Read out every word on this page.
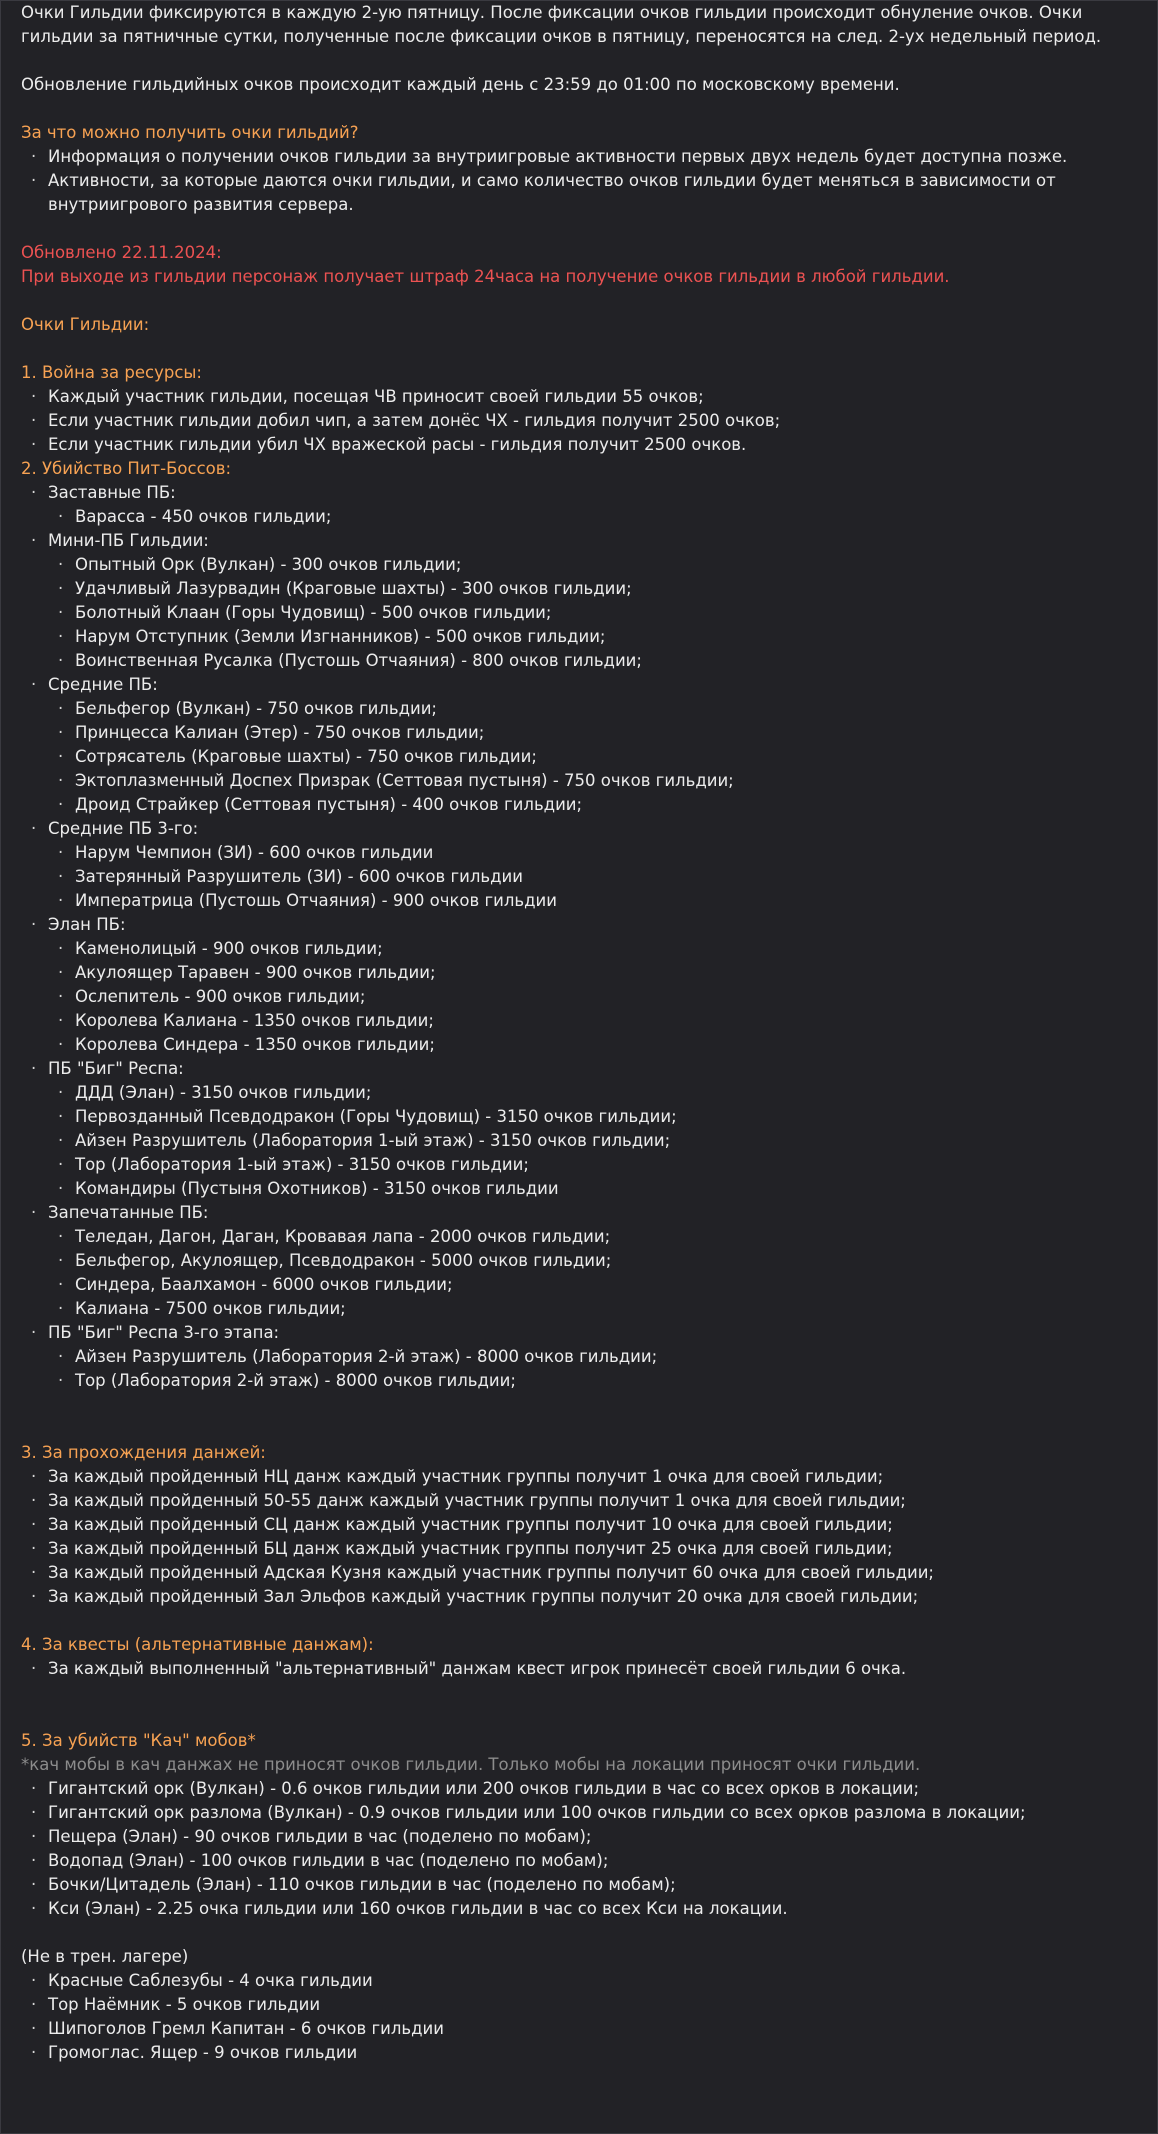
Очки Гильдии фиксируются в каждую 2-ую пятницу. После фиксации очков гильдии происходит обнуление очков. Очки гильдии за пятничные сутки, полученные после фиксации очков в пятницу, переносятся на след. 2-ух недельный период.

Обновление гильдийных очков происходит каждый день с 23:59 до 01:00 по московскому времени.

За что можно получить очки гильдий?

· Информация о получении очков гильдии за внутриигровые активности первых двух недель будет доступна позже.
· Активности, за которые даются очки гильдии, и само количество очков гильдии будет меняться в зависимости от внутриигрового развития сервера.

Обновлено 22.11.2024:

При выходе из гильдии персонаж получает штраф 24часа на получение очков гильдии в любой гильдии.

Очки Гильдии:

1. Война за ресурсы:

· Каждый участник гильдии, посещая ЧВ приносит своей гильдии 55 очков;
· Если участник гильдии добил чип, а затем донёс ЧХ - гильдия получит 2500 очков;
· Если участник гильдии убил ЧХ вражеской расы - гильдия получит 2500 очков.

2. Убийство Пит-Боссов:

· Заставные ПБ:
· Варасса - 450 очков гильдии;
· Мини-ПБ Гильдии:
· Опытный Орк (Вулкан) - 300 очков гильдии;
· Удачливый Лазурвадин (Краговые шахты) - 300 очков гильдии;
· Болотный Клаан (Горы Чудовищ) - 500 очков гильдии;
· Нарум Отступник (Земли Изгнанников) - 500 очков гильдии;
· Воинственная Русалка (Пустошь Отчаяния) - 800 очков гильдии;
· Средние ПБ:
· Бельфегор (Вулкан) - 750 очков гильдии;
· Принцесса Калиан (Этер) - 750 очков гильдии;
· Сотрясатель (Краговые шахты) - 750 очков гильдии;
· Эктоплазменный Доспех Призрак (Сеттовая пустыня) - 750 очков гильдии;
· Дроид Страйкер (Сеттовая пустыня) - 400 очков гильдии;
· Средние ПБ 3-го:
· Нарум Чемпион (ЗИ) - 600 очков гильдии
· Затерянный Разрушитель (ЗИ) - 600 очков гильдии
· Императрица (Пустошь Отчаяния) - 900 очков гильдии
· Элан ПБ:
· Каменолицый - 900 очков гильдии;
· Акулоящер Таравен - 900 очков гильдии;
· Ослепитель - 900 очков гильдии;
· Королева Калиана - 1350 очков гильдии;
· Королева Синдера - 1350 очков гильдии;
· ПБ "Биг" Респа:
· ДДД (Элан) - 3150 очков гильдии;
· Первозданный Псевдодракон (Горы Чудовищ) - 3150 очков гильдии;
· Айзен Разрушитель (Лаборатория 1-ый этаж) - 3150 очков гильдии;
· Тор (Лаборатория 1-ый этаж) - 3150 очков гильдии;
· Командиры (Пустыня Охотников) - 3150 очков гильдии
· Запечатанные ПБ:
· Теледан, Дагон, Даган, Кровавая лапа - 2000 очков гильдии;
· Бельфегор, Акулоящер, Псевдодракон - 5000 очков гильдии;
· Синдера, Баалхамон - 6000 очков гильдии;
· Калиана - 7500 очков гильдии;
· ПБ "Биг" Респа 3-го этапа:
· Айзен Разрушитель (Лаборатория 2-й этаж) - 8000 очков гильдии;
· Тор (Лаборатория 2-й этаж) - 8000 очков гильдии;

3. За прохождения данжей:

· За каждый пройденный НЦ данж каждый участник группы получит 1 очка для своей гильдии;
· За каждый пройденный 50-55 данж каждый участник группы получит 1 очка для своей гильдии;
· За каждый пройденный СЦ данж каждый участник группы получит 10 очка для своей гильдии;
· За каждый пройденный БЦ данж каждый участник группы получит 25 очка для своей гильдии;
· За каждый пройденный Адская Кузня каждый участник группы получит 60 очка для своей гильдии;
· За каждый пройденный Зал Эльфов каждый участник группы получит 20 очка для своей гильдии;

4. За квесты (альтернативные данжам):

· За каждый выполненный "альтернативный" данжам квест игрок принесёт своей гильдии 6 очка.

5. За убийств "Кач" мобов*

*кач мобы в кач данжах не приносят очков гильдии. Только мобы на локации приносят очки гильдии.

· Гигантский орк (Вулкан) - 0.6 очков гильдии или 200 очков гильдии в час со всех орков в локации;
· Гигантский орк разлома (Вулкан) - 0.9 очков гильдии или 100 очков гильдии со всех орков разлома в локации;
· Пещера (Элан) - 90 очков гильдии в час (поделено по мобам);
· Водопад (Элан) - 100 очков гильдии в час (поделено по мобам);
· Бочки/Цитадель (Элан) - 110 очков гильдии в час (поделено по мобам);
· Кси (Элан) - 2.25 очка гильдии или 160 очков гильдии в час со всех Кси на локации.

(Не в трен. лагере)

· Красные Саблезубы - 4 очка гильдии
· Тор Наёмник - 5 очков гильдии
· Шипоголов Гремл Капитан - 6 очков гильдии
· Громоглас. Ящер - 9 очков гильдии
